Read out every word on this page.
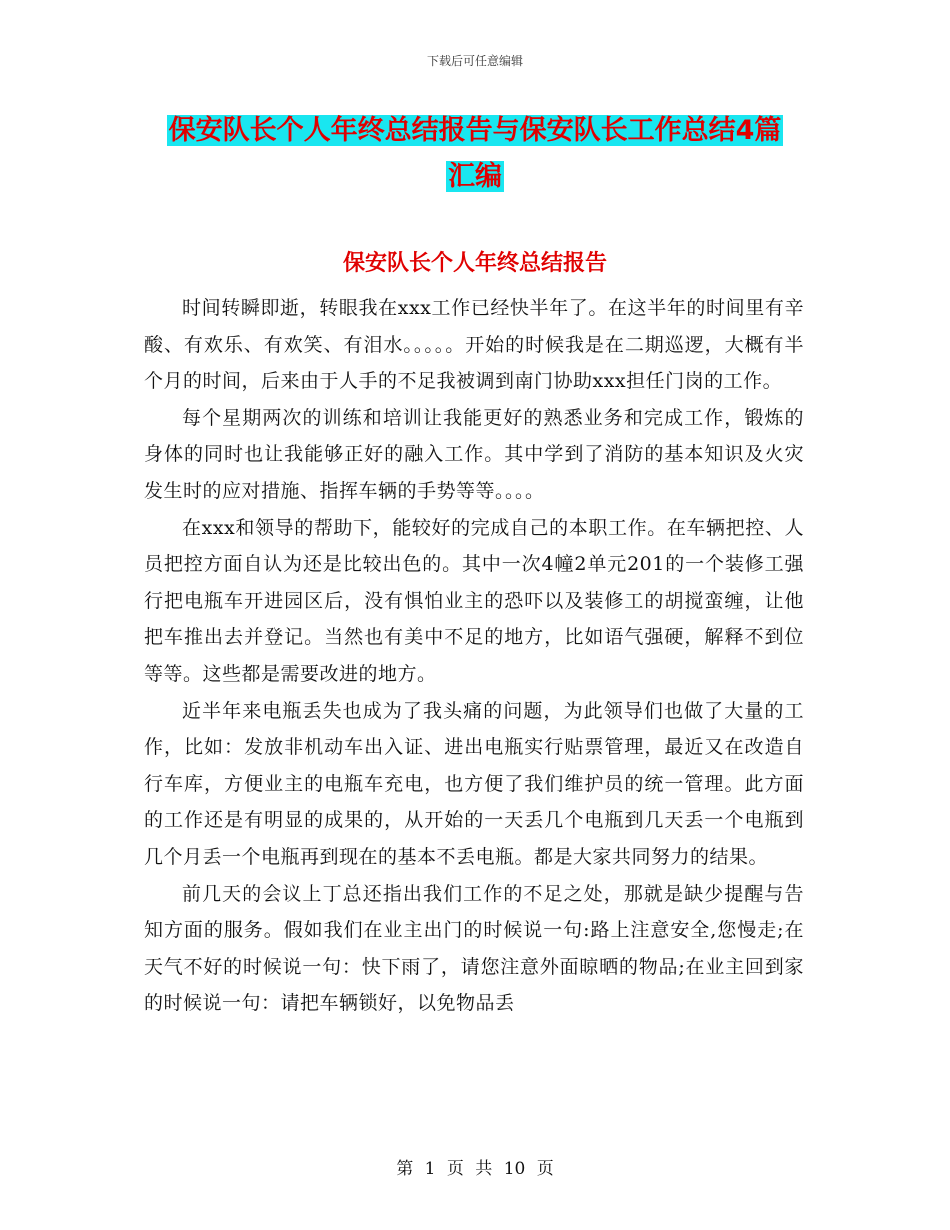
下载后可任意编辑
保安队长个人年终总结报告与保安队长工作总结4篇
汇编
保安队长个人年终总结报告

时间转瞬即逝，转眼我在xxx工作已经快半年了。在这半年的时间里有辛酸、有欢乐、有欢笑、有泪水。。。。。开始的时候我是在二期巡逻，大概有半个月的时间，后来由于人手的不足我被调到南门协助xxx担任门岗的工作。

每个星期两次的训练和培训让我能更好的熟悉业务和完成工作，锻炼的身体的同时也让我能够正好的融入工作。其中学到了消防的基本知识及火灾发生时的应对措施、指挥车辆的手势等等。。。。

在xxx和领导的帮助下，能较好的完成自己的本职工作。在车辆把控、人员把控方面自认为还是比较出色的。其中一次4幢2单元201的一个装修工强行把电瓶车开进园区后，没有惧怕业主的恐吓以及装修工的胡搅蛮缠，让他把车推出去并登记。当然也有美中不足的地方，比如语气强硬，解释不到位等等。这些都是需要改进的地方。

近半年来电瓶丢失也成为了我头痛的问题，为此领导们也做了大量的工作，比如：发放非机动车出入证、进出电瓶实行贴票管理，最近又在改造自行车库，方便业主的电瓶车充电，也方便了我们维护员的统一管理。此方面的工作还是有明显的成果的，从开始的一天丢几个电瓶到几天丢一个电瓶到几个月丢一个电瓶再到现在的基本不丢电瓶。都是大家共同努力的结果。

前几天的会议上丁总还指出我们工作的不足之处，那就是缺少提醒与告知方面的服务。假如我们在业主出门的时候说一句:路上注意安全,您慢走;在天气不好的时候说一句：快下雨了，请您注意外面晾晒的物品;在业主回到家的时候说一句：请把车辆锁好，以免物品丢

第 1 页 共 10 页
